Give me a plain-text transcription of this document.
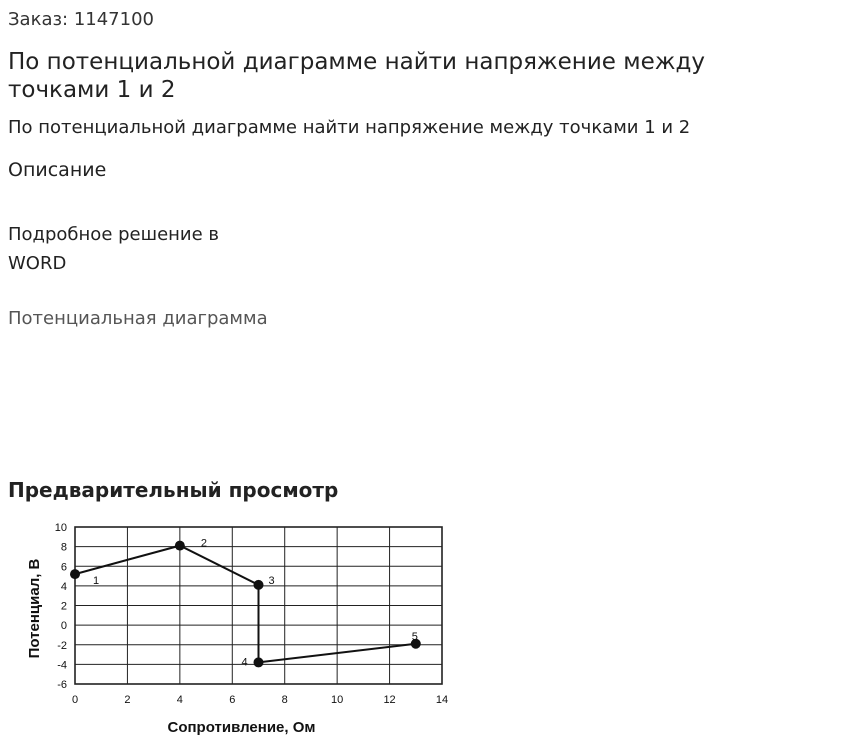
Заказ: 1147100

По потенциальной диаграмме найти напряжение между точками 1 и 2

По потенциальной диаграмме найти напряжение между точками 1 и 2

Описание

Подробное решение в WORD

Потенциальная диаграмма

Предварительный просмотр
0	2	4	6	8	10	12	14
10
8
6
4
2
0
-2
-4
-6
1
2
3
4
5
Сопротивление, Ом
Потенциал, В
